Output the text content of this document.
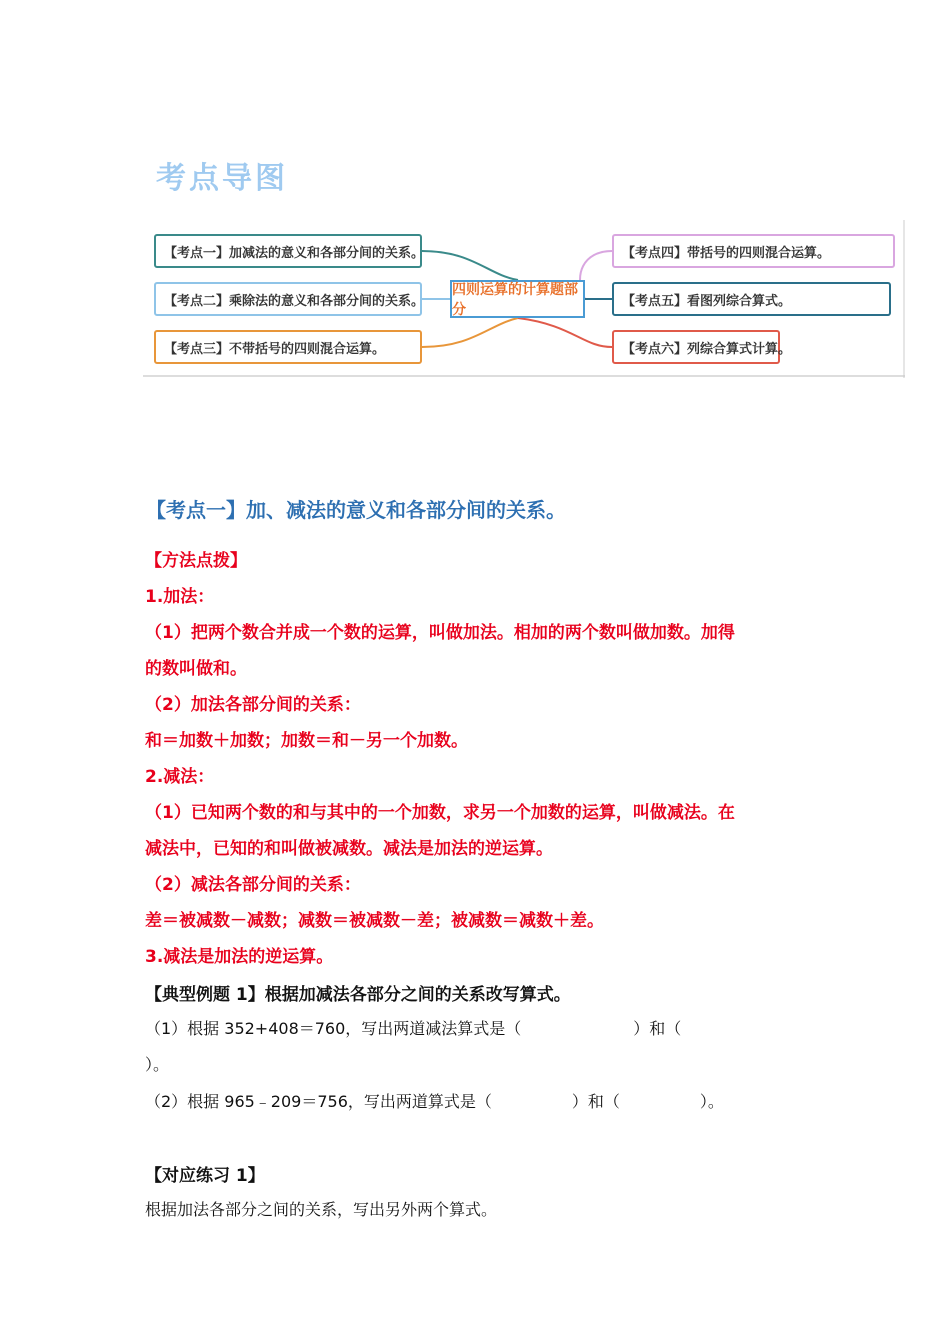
考点导图
【考点一】加减法的意义和各部分间的关系。
【考点二】乘除法的意义和各部分间的关系。
【考点三】不带括号的四则混合运算。
四则运算的计算题部分
【考点四】带括号的四则混合运算。
【考点五】看图列综合算式。
【考点六】列综合算式计算。
【考点一】加、减法的意义和各部分间的关系。
【方法点拨】
1.加法：
（1）把两个数合并成一个数的运算，叫做加法。相加的两个数叫做加数。加得
的数叫做和。
（2）加法各部分间的关系：
和＝加数＋加数；加数＝和－另一个加数。
2.减法：
（1）已知两个数的和与其中的一个加数，求另一个加数的运算，叫做减法。在
减法中，已知的和叫做被减数。减法是加法的逆运算。
（2）减法各部分间的关系：
差＝被减数－减数；减数＝被减数－差；被减数＝减数＋差。
3.减法是加法的逆运算。
【典型例题 1】根据加减法各部分之间的关系改写算式。
（1）根据 352+408＝760，写出两道减法算式是（　　　　　　　）和（
）。
（2）根据 965﹣209＝756，写出两道算式是（　　　　　）和（　　　　　）。
【对应练习 1】
根据加法各部分之间的关系，写出另外两个算式。
